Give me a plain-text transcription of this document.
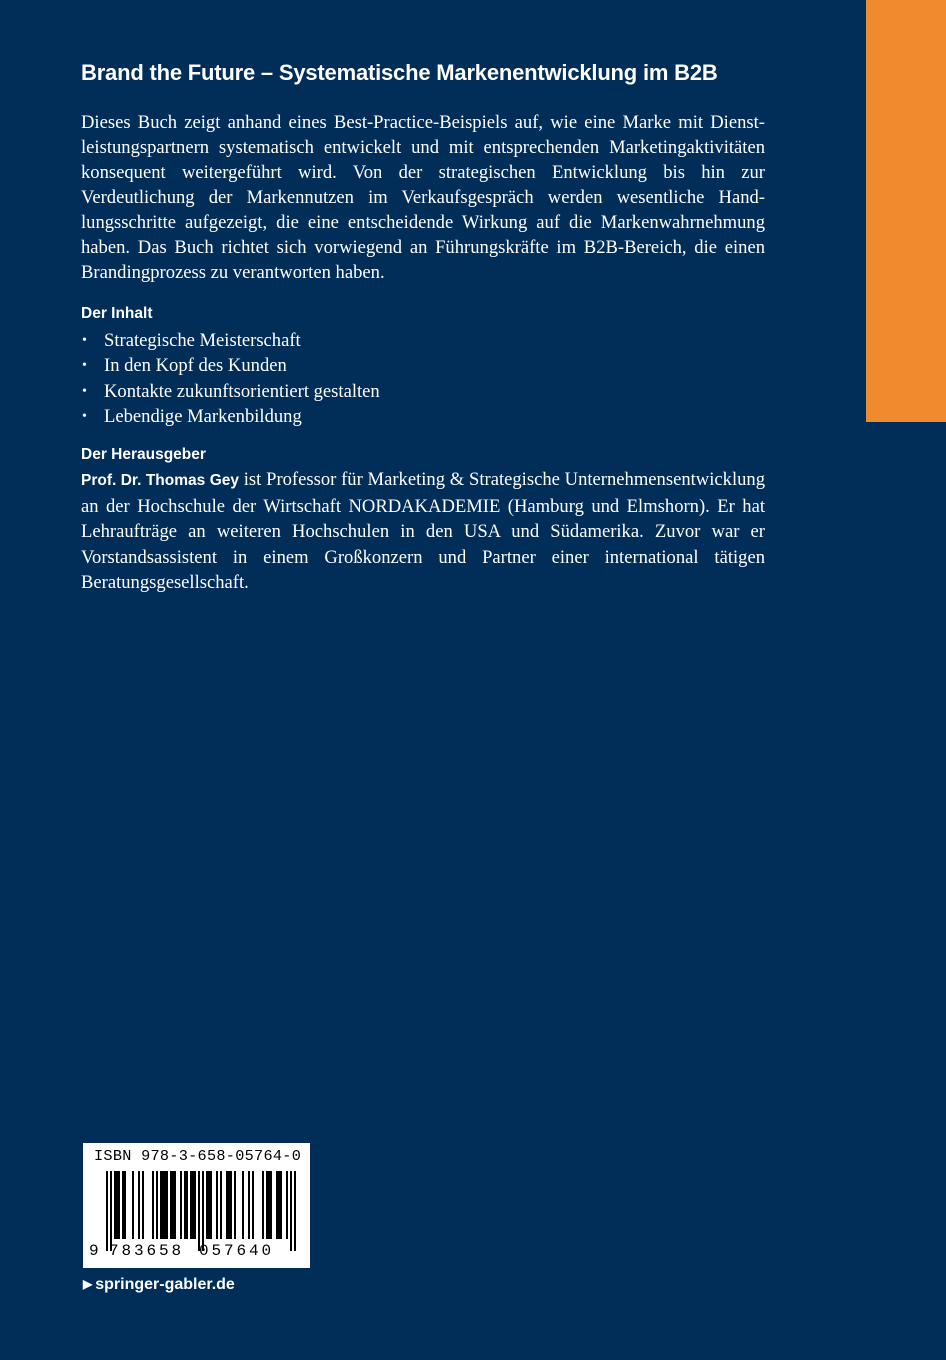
Brand the Future – Systematische Markenentwicklung im B2B

Dieses Buch zeigt anhand eines Best-Practice-Beispiels auf, wie eine Marke mit Dienstleistungspartnern systematisch entwickelt und mit entsprechenden Marketingaktivitäten konsequent weitergeführt wird. Von der strategischen Entwicklung bis hin zur Verdeutlichung der Markennutzen im Verkaufsgespräch werden wesentliche Handlungsschritte aufgezeigt, die eine entscheidende Wirkung auf die Markenwahrnehmung haben. Das Buch richtet sich vorwiegend an Führungskräfte im B2B-Bereich, die einen Brandingprozess zu verantworten haben.

Der Inhalt
• Strategische Meisterschaft
• In den Kopf des Kunden
• Kontakte zukunftsorientiert gestalten
• Lebendige Markenbildung
Der Herausgeber

Prof. Dr. Thomas Gey ist Professor für Marketing & Strategische Unternehmensentwicklung an der Hochschule der Wirtschaft NORDAKADEMIE (Hamburg und Elmshorn). Er hat Lehraufträge an weiteren Hochschulen in den USA und Südamerika. Zuvor war er Vorstandsassistent in einem Großkonzern und Partner einer international tätigen Beratungsgesellschaft.

ISBN 978-3-658-05764-0
9 783658 057640
▶ springer-gabler.de
